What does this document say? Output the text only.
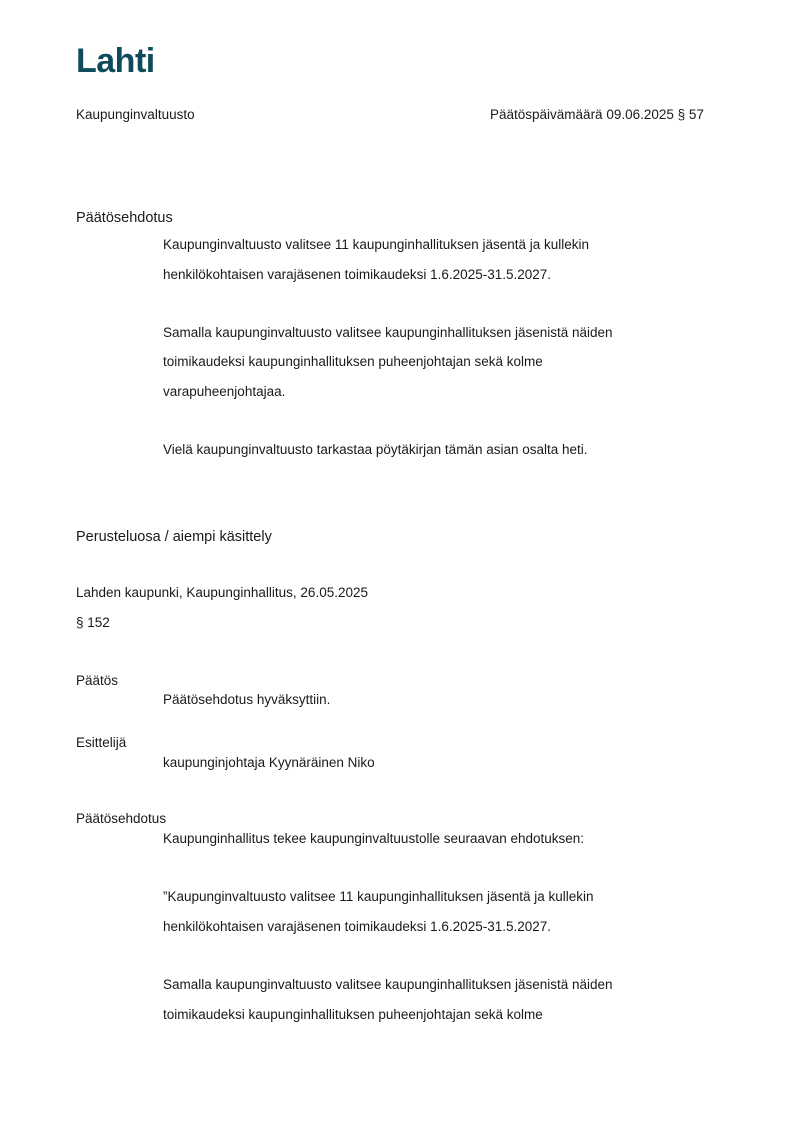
Lahti
Kaupunginvaltuusto	Päätöspäivämäärä 09.06.2025 § 57
Päätösehdotus
Kaupunginvaltuusto valitsee 11 kaupunginhallituksen jäsentä ja kullekin
henkilökohtaisen varajäsenen toimikaudeksi 1.6.2025-31.5.2027.
Samalla kaupunginvaltuusto valitsee kaupunginhallituksen jäsenistä näiden
toimikaudeksi kaupunginhallituksen puheenjohtajan sekä kolme
varapuheenjohtajaa.
Vielä kaupunginvaltuusto tarkastaa pöytäkirjan tämän asian osalta heti.
Perusteluosa / aiempi käsittely
Lahden kaupunki, Kaupunginhallitus, 26.05.2025
§ 152
Päätös
Päätösehdotus hyväksyttiin.
Esittelijä
kaupunginjohtaja Kyynäräinen Niko
Päätösehdotus
Kaupunginhallitus tekee kaupunginvaltuustolle seuraavan ehdotuksen:
”Kaupunginvaltuusto valitsee 11 kaupunginhallituksen jäsentä ja kullekin
henkilökohtaisen varajäsenen toimikaudeksi 1.6.2025-31.5.2027.
Samalla kaupunginvaltuusto valitsee kaupunginhallituksen jäsenistä näiden
toimikaudeksi kaupunginhallituksen puheenjohtajan sekä kolme
